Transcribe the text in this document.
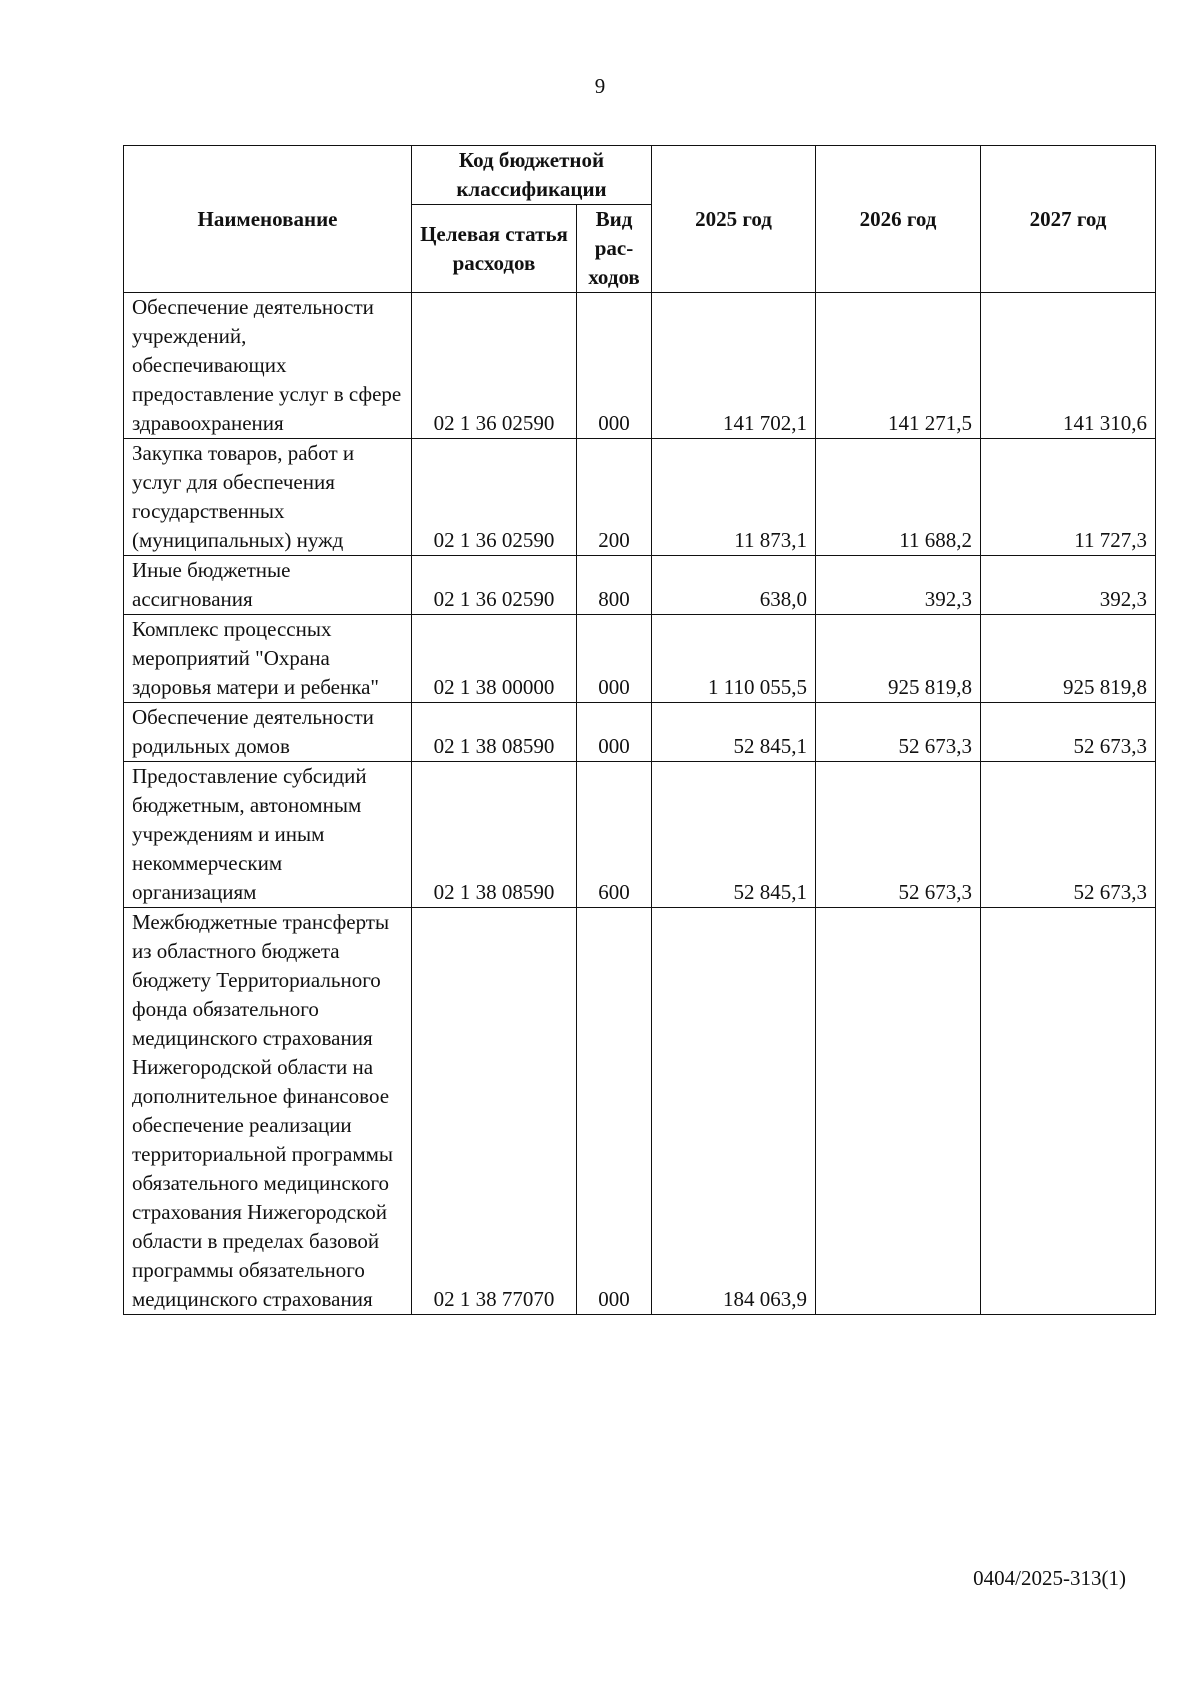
9
Наименование	Код бюджетной классификации		2025 год	2026 год	2027 год
	Целевая статья расходов	Вид рас-ходов			
Обеспечение деятельности учреждений, обеспечивающих предоставление услуг в сфере здравоохранения	02 1 36 02590	000	141 702,1	141 271,5	141 310,6
Закупка товаров, работ и услуг для обеспечения государственных (муниципальных) нужд	02 1 36 02590	200	11 873,1	11 688,2	11 727,3
Иные бюджетные ассигнования	02 1 36 02590	800	638,0	392,3	392,3
Комплекс процессных мероприятий "Охрана здоровья матери и ребенка"	02 1 38 00000	000	1 110 055,5	925 819,8	925 819,8
Обеспечение деятельности родильных домов	02 1 38 08590	000	52 845,1	52 673,3	52 673,3
Предоставление субсидий бюджетным, автономным учреждениям и иным некоммерческим организациям	02 1 38 08590	600	52 845,1	52 673,3	52 673,3
Межбюджетные трансферты из областного бюджета бюджету Территориального фонда обязательного медицинского страхования Нижегородской области на дополнительное финансовое обеспечение реализации территориальной программы обязательного медицинского страхования Нижегородской области в пределах базовой программы обязательного медицинского страхования	02 1 38 77070	000	184 063,9		
0404/2025-313(1)
